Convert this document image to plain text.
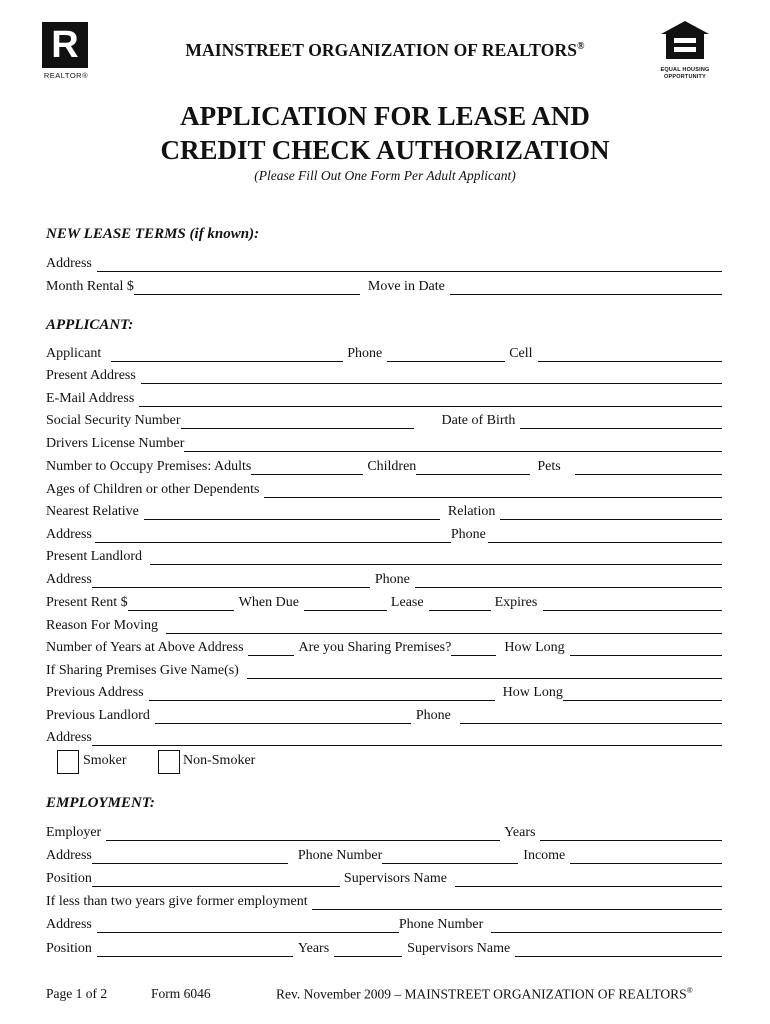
R
REALTOR®
EQUAL HOUSING
OPPORTUNITY
MAINSTREET ORGANIZATION OF REALTORS®
APPLICATION FOR LEASE AND
CREDIT CHECK AUTHORIZATION
(Please Fill Out One Form Per Adult Applicant)
NEW LEASE TERMS (if known):
Address
Month Rental $	Move in Date
APPLICANT:
Applicant	Phone	Cell
Present Address
E-Mail Address
Social Security Number	Date of Birth
Drivers License Number
Number to Occupy Premises: Adults	Children	Pets
Ages of Children or other Dependents
Nearest Relative	Relation
Address	Phone
Present Landlord
Address	Phone
Present Rent $	When Due	Lease	Expires
Reason For Moving
Number of Years at Above Address	Are you Sharing Premises?	How Long
If Sharing Premises Give Name(s)
Previous Address	How Long
Previous Landlord	Phone
Address
Smoker	Non-Smoker
EMPLOYMENT:
Employer	Years
Address	Phone Number	Income
Position	Supervisors Name
If less than two years give former employment
Address	Phone Number
Position	Years	Supervisors Name
Page 1 of 2	Form 6046	Rev. November 2009 – MAINSTREET ORGANIZATION OF REALTORS®
